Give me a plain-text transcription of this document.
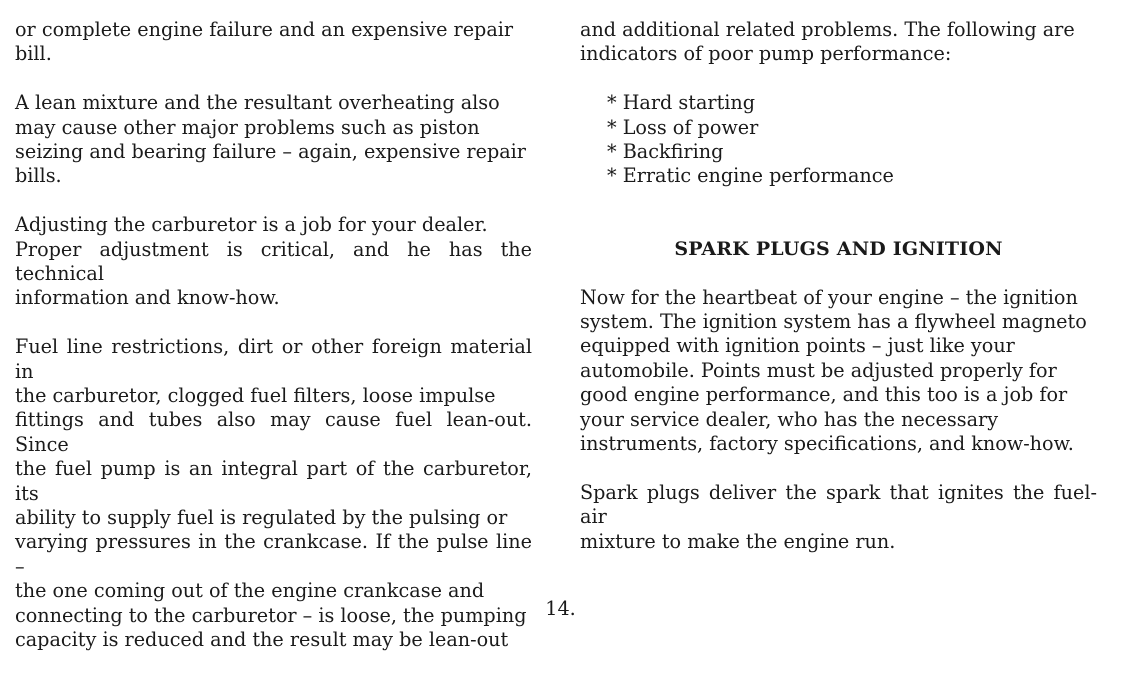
or complete engine failure and an expensive repair
bill.

A lean mixture and the resultant overheating also
may cause other major problems such as piston
seizing and bearing failure – again, expensive repair
bills.

Adjusting the carburetor is a job for your dealer.
Proper adjustment is critical, and he has the technical
information and know-how.

Fuel line restrictions, dirt or other foreign material in
the carburetor, clogged fuel filters, loose impulse
fittings and tubes also may cause fuel lean-out. Since
the fuel pump is an integral part of the carburetor, its
ability to supply fuel is regulated by the pulsing or
varying pressures in the crankcase. If the pulse line –
the one coming out of the engine crankcase and
connecting to the carburetor – is loose, the pumping
capacity is reduced and the result may be lean-out

and additional related problems. The following are
indicators of poor pump performance:

* Hard starting
* Loss of power
* Backfiring
* Erratic engine performance
SPARK PLUGS AND IGNITION

Now for the heartbeat of your engine – the ignition
system. The ignition system has a flywheel magneto
equipped with ignition points – just like your
automobile. Points must be adjusted properly for
good engine performance, and this too is a job for
your service dealer, who has the necessary
instruments, factory specifications, and know-how.

Spark plugs deliver the spark that ignites the fuel-air
mixture to make the engine run.

14.
